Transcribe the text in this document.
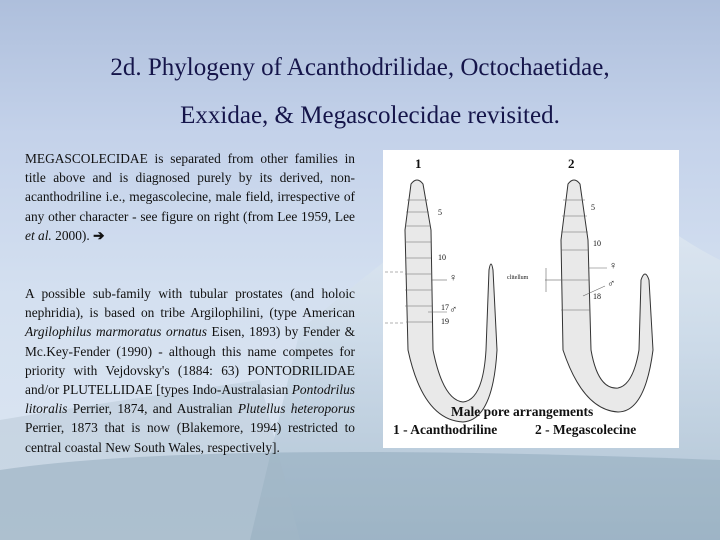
2d. Phylogeny of Acanthodrilidae, Octochaetidae,
Exxidae, & Megascolecidae revisited.
MEGASCOLECIDAE is separated from other families in title above and is diagnosed purely by its derived, non-acanthodriline i.e., megascolecine, male field, irrespective of any other character - see figure on right (from Lee 1959, Lee et al. 2000). ➔
A possible sub-family with tubular prostates (and holoic nephridia), is based on tribe Argilophilini, (type American Argilophilus marmoratus ornatus Eisen, 1893) by Fender & Mc.Key-Fender (1990) - although this name competes for priority with Vejdovsky's (1884: 63) PONTODRILIDAE and/or PLUTELLIDAE [types Indo-Australasian Pontodrilus litoralis Perrier, 1874, and Australian Plutellus heteroporus Perrier, 1873 that is now (Blakemore, 1994) restricted to central coastal New South Wales, respectively].
1	2
5
10
17
19
♀
♂
5
10
18
clitellum
♀
♂
Male pore arrangements
1 - Acanthodriline	2 - Megascolecine
